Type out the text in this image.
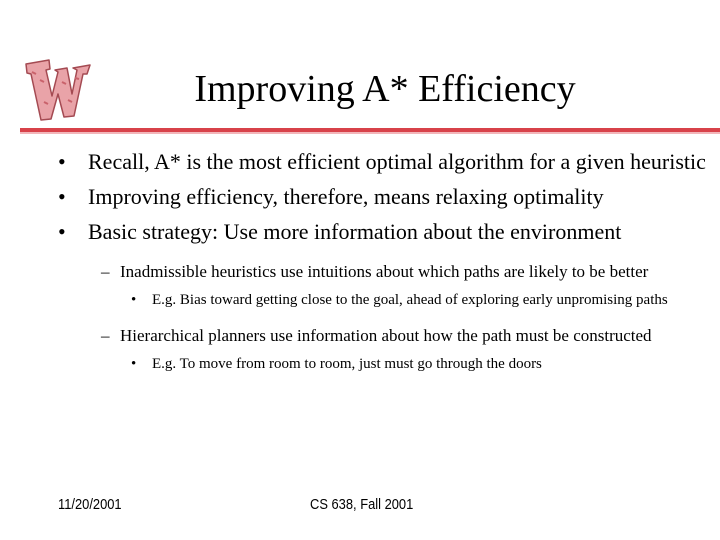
Improving A* Efficiency
• Recall, A* is the most efficient optimal algorithm for a given heuristic
• Improving efficiency, therefore, means relaxing optimality
• Basic strategy: Use more information about the environment
– Inadmissible heuristics use intuitions about which paths are likely to be better
• E.g. Bias toward getting close to the goal, ahead of exploring early unpromising paths
– Hierarchical planners use information about how the path must be constructed
• E.g. To move from room to room, just must go through the doors
11/20/2001	CS 638, Fall 2001
